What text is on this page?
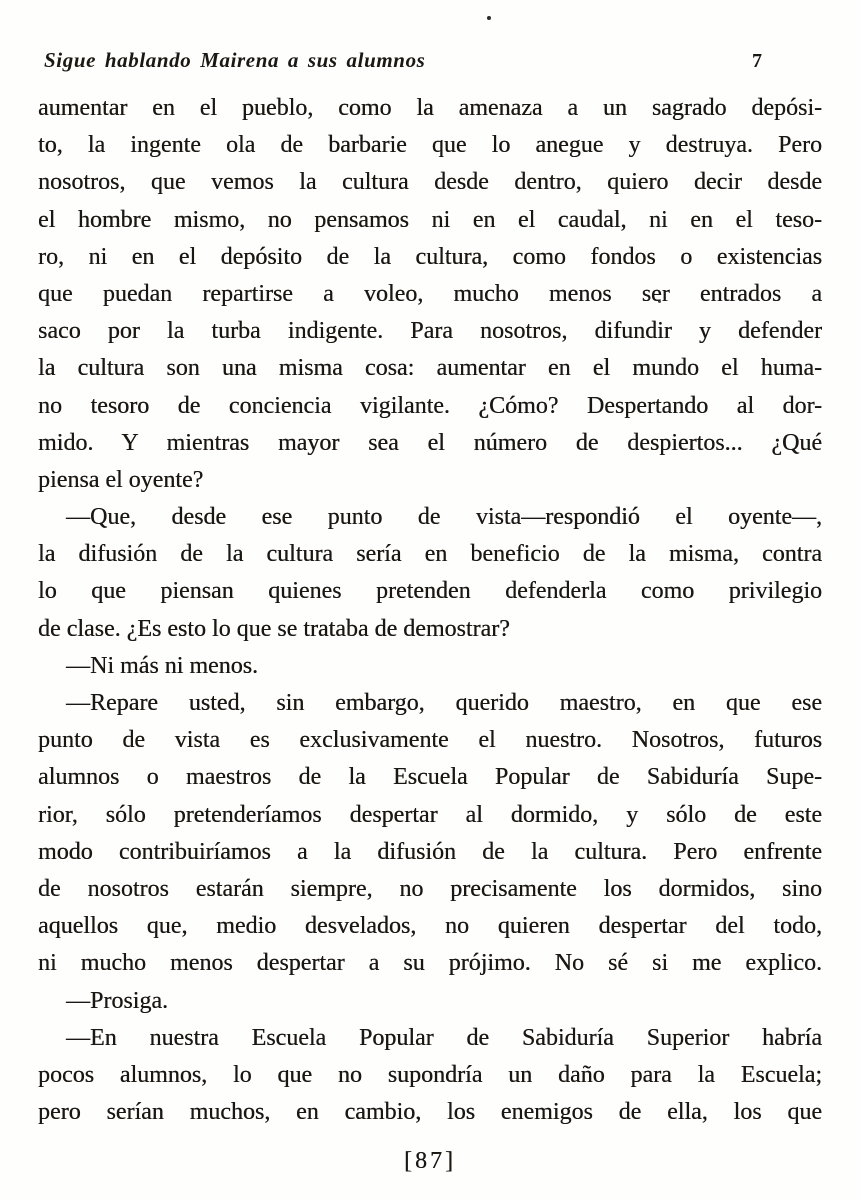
Sigue hablando Mairena a sus alumnos	7
aumentar en el pueblo, como la amenaza a un sagrado depósi-
to, la ingente ola de barbarie que lo anegue y destruya. Pero
nosotros, que vemos la cultura desde dentro, quiero decir desde
el hombre mismo, no pensamos ni en el caudal, ni en el teso-
ro, ni en el depósito de la cultura, como fondos o existencias
que puedan repartirse a voleo, mucho menos ser entrados a
saco por la turba indigente. Para nosotros, difundir y defender
la cultura son una misma cosa: aumentar en el mundo el huma-
no tesoro de conciencia vigilante. ¿Cómo? Despertando al dor-
mido. Y mientras mayor sea el número de despiertos... ¿Qué
piensa el oyente?
—Que, desde ese punto de vista—respondió el oyente—,
la difusión de la cultura sería en beneficio de la misma, contra
lo que piensan quienes pretenden defenderla como privilegio
de clase. ¿Es esto lo que se trataba de demostrar?
—Ni más ni menos.
—Repare usted, sin embargo, querido maestro, en que ese
punto de vista es exclusivamente el nuestro. Nosotros, futuros
alumnos o maestros de la Escuela Popular de Sabiduría Supe-
rior, sólo pretenderíamos despertar al dormido, y sólo de este
modo contribuiríamos a la difusión de la cultura. Pero enfrente
de nosotros estarán siempre, no precisamente los dormidos, sino
aquellos que, medio desvelados, no quieren despertar del todo,
ni mucho menos despertar a su prójimo. No sé si me explico.
—Prosiga.
—En nuestra Escuela Popular de Sabiduría Superior habría
pocos alumnos, lo que no supondría un daño para la Escuela;
pero serían muchos, en cambio, los enemigos de ella, los que
[87]
